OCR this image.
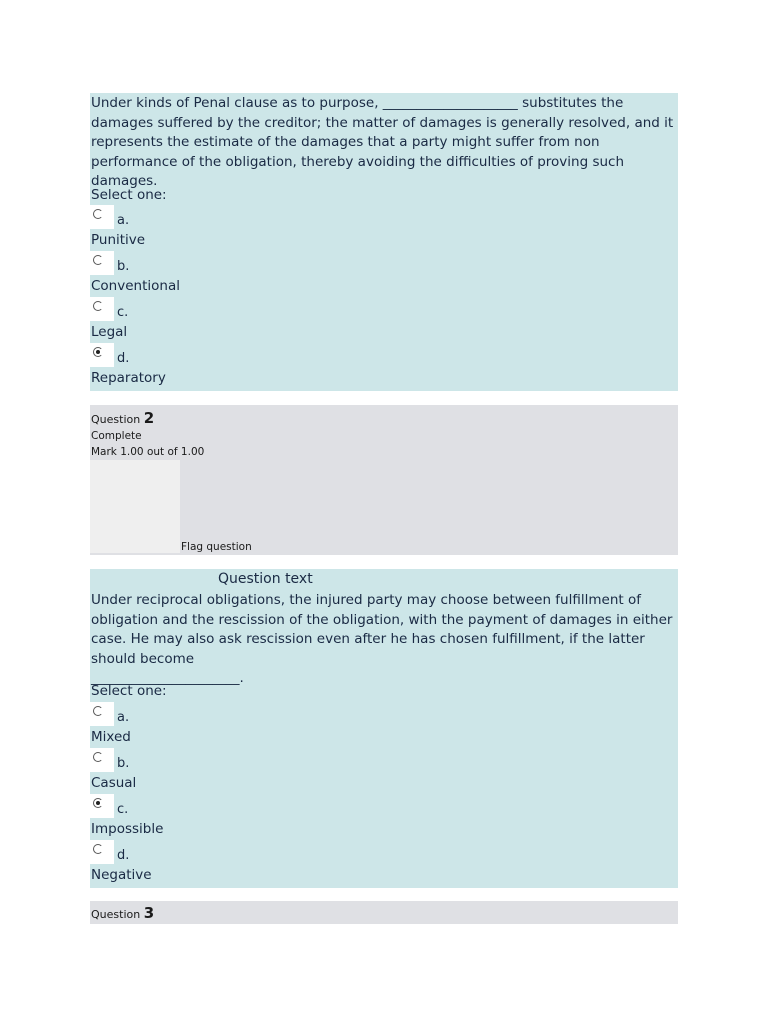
Under kinds of Penal clause as to purpose, ____________________ substitutes the damages suffered by the creditor; the matter of damages is generally resolved, and it represents the estimate of the damages that a party might suffer from non performance of the obligation, thereby avoiding the difficulties of proving such damages.
Select one:
a.
Punitive
b.
Conventional
c.
Legal
d.
Reparatory
Question 2
Complete
Mark 1.00 out of 1.00
Flag question
Question text
Under reciprocal obligations, the injured party may choose between fulfillment of obligation and the rescission of the obligation, with the payment of damages in either case. He may also ask rescission even after he has chosen fulfillment, if the latter should become
______________________.
Select one:
a.
Mixed
b.
Casual
c.
Impossible
d.
Negative
Question 3
